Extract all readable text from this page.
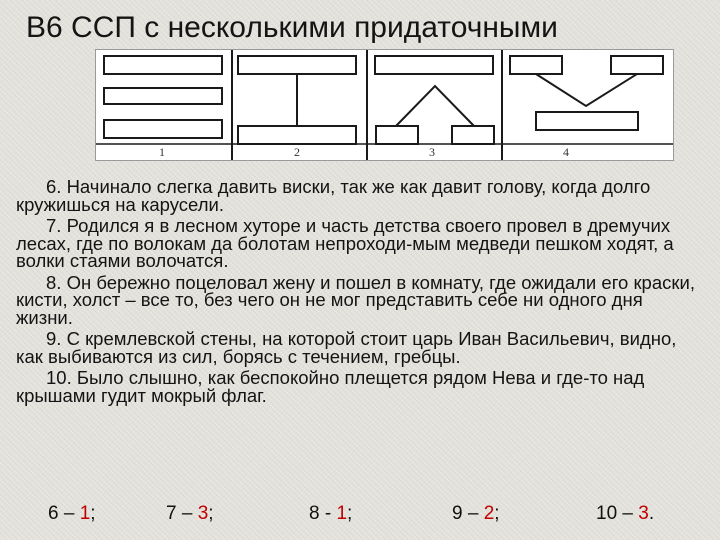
В6 ССП с несколькими придаточными
1	2	3	4

6. Начинало слегка давить виски, так же как давит голову, когда долго кружишься на карусели.

7. Родился я в лесном хуторе и часть детства своего провел в дремучих лесах, где по волокам да болотам непроходи-мым медведи пешком ходят, а волки стаями волочатся.

8. Он бережно поцеловал жену и пошел в комнату, где ожидали его краски, кисти, холст – все то, без чего он не мог представить себе ни одного дня жизни.

9. С кремлевской стены, на которой стоит царь Иван Васильевич, видно, как выбиваются из сил, борясь с течением, гребцы.

10. Было слышно, как беспокойно плещется рядом Нева и где-то над крышами гудит мокрый флаг.

6 – 1;	7 – 3;	8 - 1;	9 – 2;	10 – 3.
